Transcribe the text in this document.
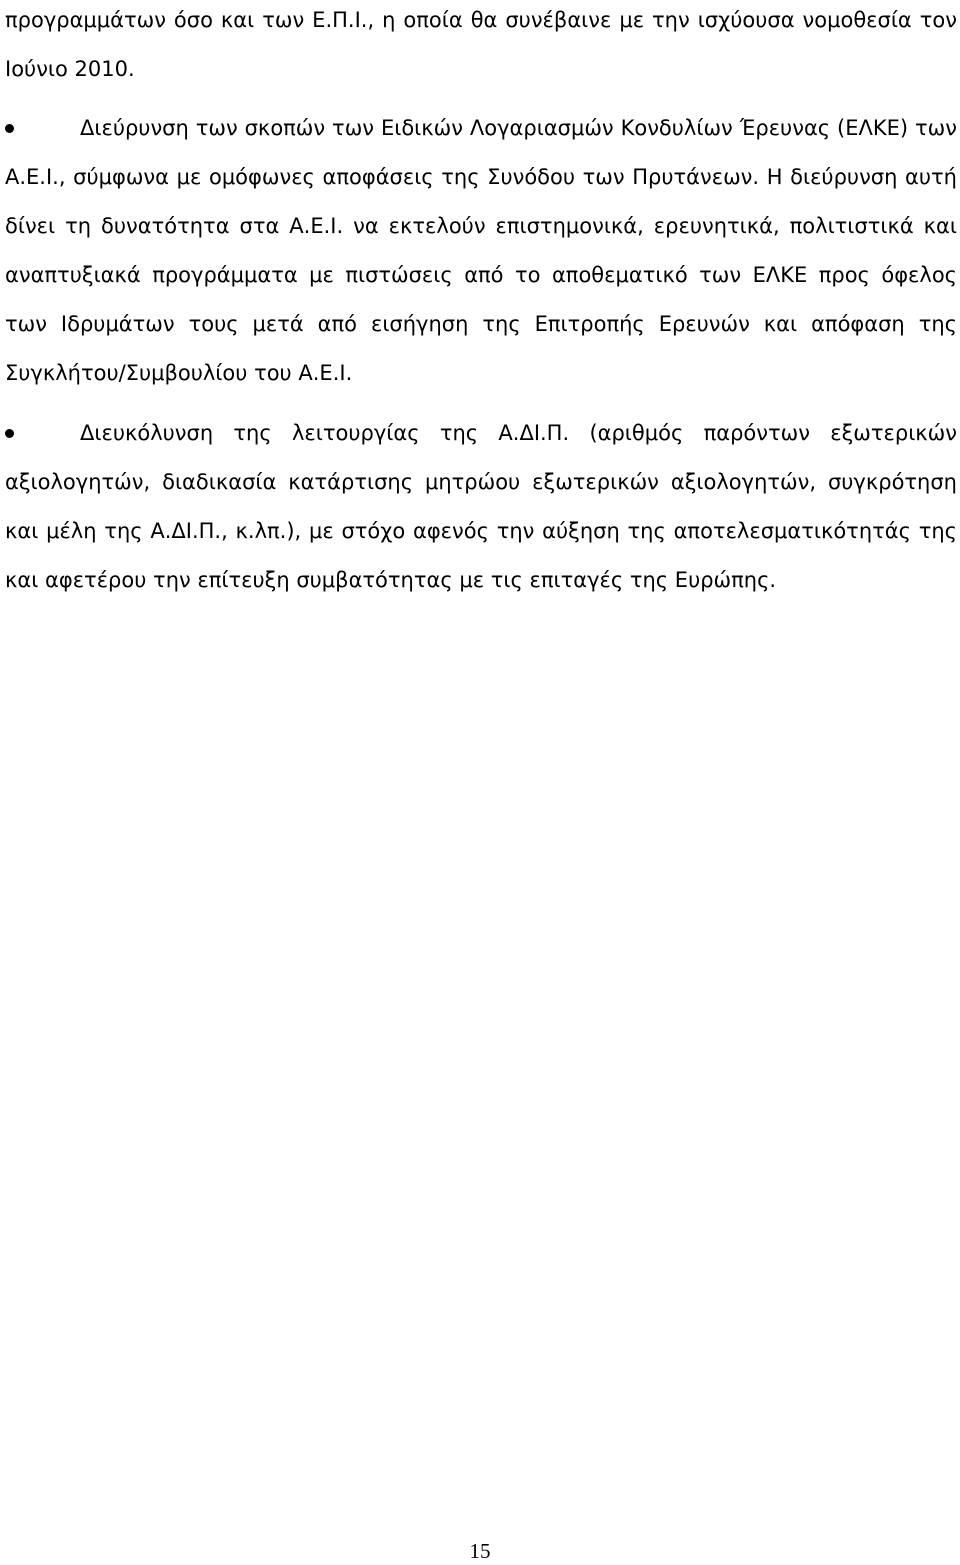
προγραμμάτων όσο και των Ε.Π.Ι., η οποία θα συνέβαινε με την ισχύουσα νομοθεσία τον Ιούνιο 2010.

Διεύρυνση των σκοπών των Ειδικών Λογαριασμών Κονδυλίων Έρευνας (ΕΛΚΕ) των Α.Ε.Ι., σύμφωνα με ομόφωνες αποφάσεις της Συνόδου των Πρυτάνεων. Η διεύρυνση αυτή δίνει τη δυνατότητα στα Α.Ε.Ι. να εκτελούν επιστημονικά, ερευνητικά, πολιτιστικά και αναπτυξιακά προγράμματα με πιστώσεις από το αποθεματικό των ΕΛΚΕ προς όφελος των Ιδρυμάτων τους μετά από εισήγηση της Επιτροπής Ερευνών και απόφαση της Συγκλήτου/Συμβουλίου του Α.Ε.Ι.

Διευκόλυνση της λειτουργίας της Α.ΔΙ.Π. (αριθμός παρόντων εξωτερικών αξιολογητών, διαδικασία κατάρτισης μητρώου εξωτερικών αξιολογητών, συγκρότηση και μέλη της Α.ΔΙ.Π., κ.λπ.), με στόχο αφενός την αύξηση της αποτελεσματικότητάς της και αφετέρου την επίτευξη συμβατότητας με τις επιταγές της Ευρώπης.

15
